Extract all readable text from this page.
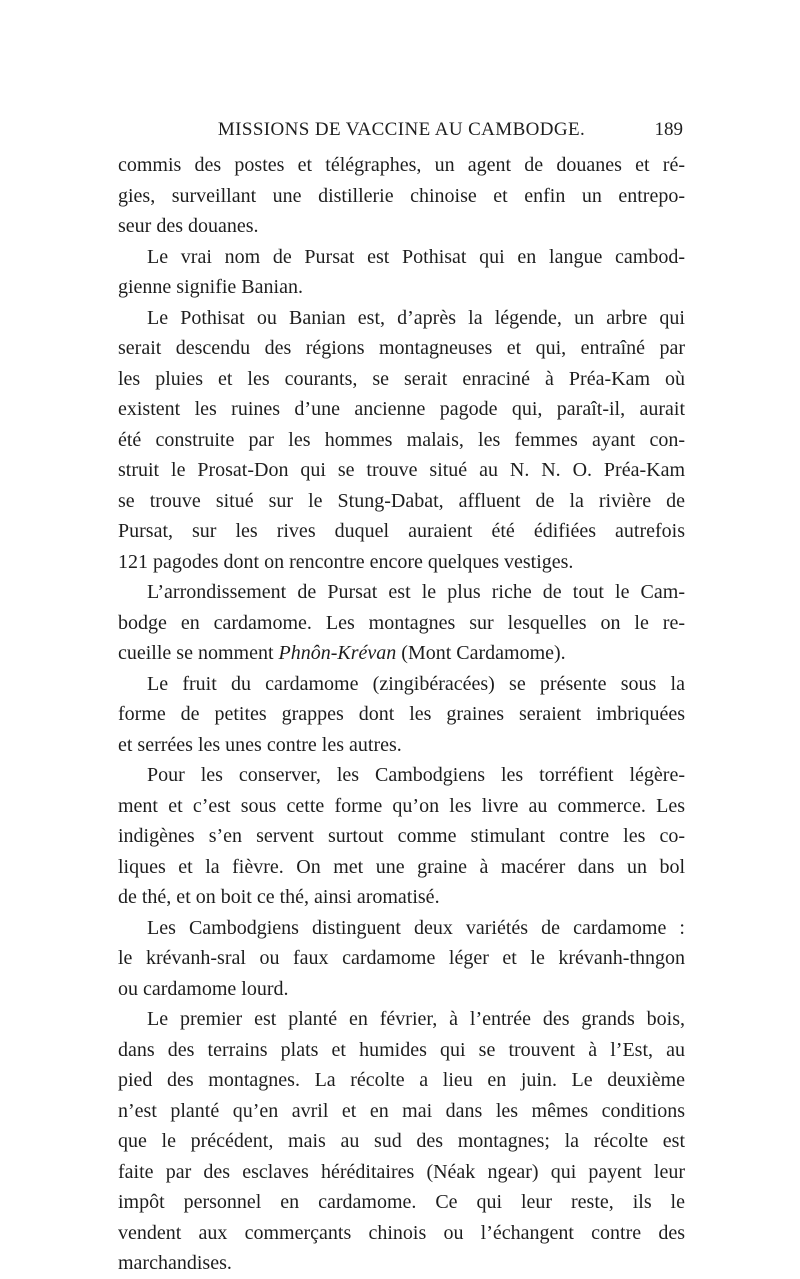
MISSIONS DE VACCINE AU CAMBODGE.	189
commis des postes et télégraphes, un agent de douanes et ré-
gies, surveillant une distillerie chinoise et enfin un entrepo-
seur des douanes.
Le vrai nom de Pursat est Pothisat qui en langue cambod-
gienne signifie Banian.
Le Pothisat ou Banian est, d’après la légende, un arbre qui
serait descendu des régions montagneuses et qui, entraîné par
les pluies et les courants, se serait enraciné à Préa-Kam où
existent les ruines d’une ancienne pagode qui, paraît-il, aurait
été construite par les hommes malais, les femmes ayant con-
struit le Prosat-Don qui se trouve situé au N. N. O. Préa-Kam
se trouve situé sur le Stung-Dabat, affluent de la rivière de
Pursat, sur les rives duquel auraient été édifiées autrefois
121 pagodes dont on rencontre encore quelques vestiges.
L’arrondissement de Pursat est le plus riche de tout le Cam-
bodge en cardamome. Les montagnes sur lesquelles on le re-
cueille se nomment Phnôn-Krévan (Mont Cardamome).
Le fruit du cardamome (zingibéracées) se présente sous la
forme de petites grappes dont les graines seraient imbriquées
et serrées les unes contre les autres.
Pour les conserver, les Cambodgiens les torréfient légère-
ment et c’est sous cette forme qu’on les livre au commerce. Les
indigènes s’en servent surtout comme stimulant contre les co-
liques et la fièvre. On met une graine à macérer dans un bol
de thé, et on boit ce thé, ainsi aromatisé.
Les Cambodgiens distinguent deux variétés de cardamome :
le krévanh-sral ou faux cardamome léger et le krévanh-thngon
ou cardamome lourd.
Le premier est planté en février, à l’entrée des grands bois,
dans des terrains plats et humides qui se trouvent à l’Est, au
pied des montagnes. La récolte a lieu en juin. Le deuxième
n’est planté qu’en avril et en mai dans les mêmes conditions
que le précédent, mais au sud des montagnes; la récolte est
faite par des esclaves héréditaires (Néak ngear) qui payent leur
impôt personnel en cardamome. Ce qui leur reste, ils le
vendent aux commerçants chinois ou l’échangent contre des
marchandises.
